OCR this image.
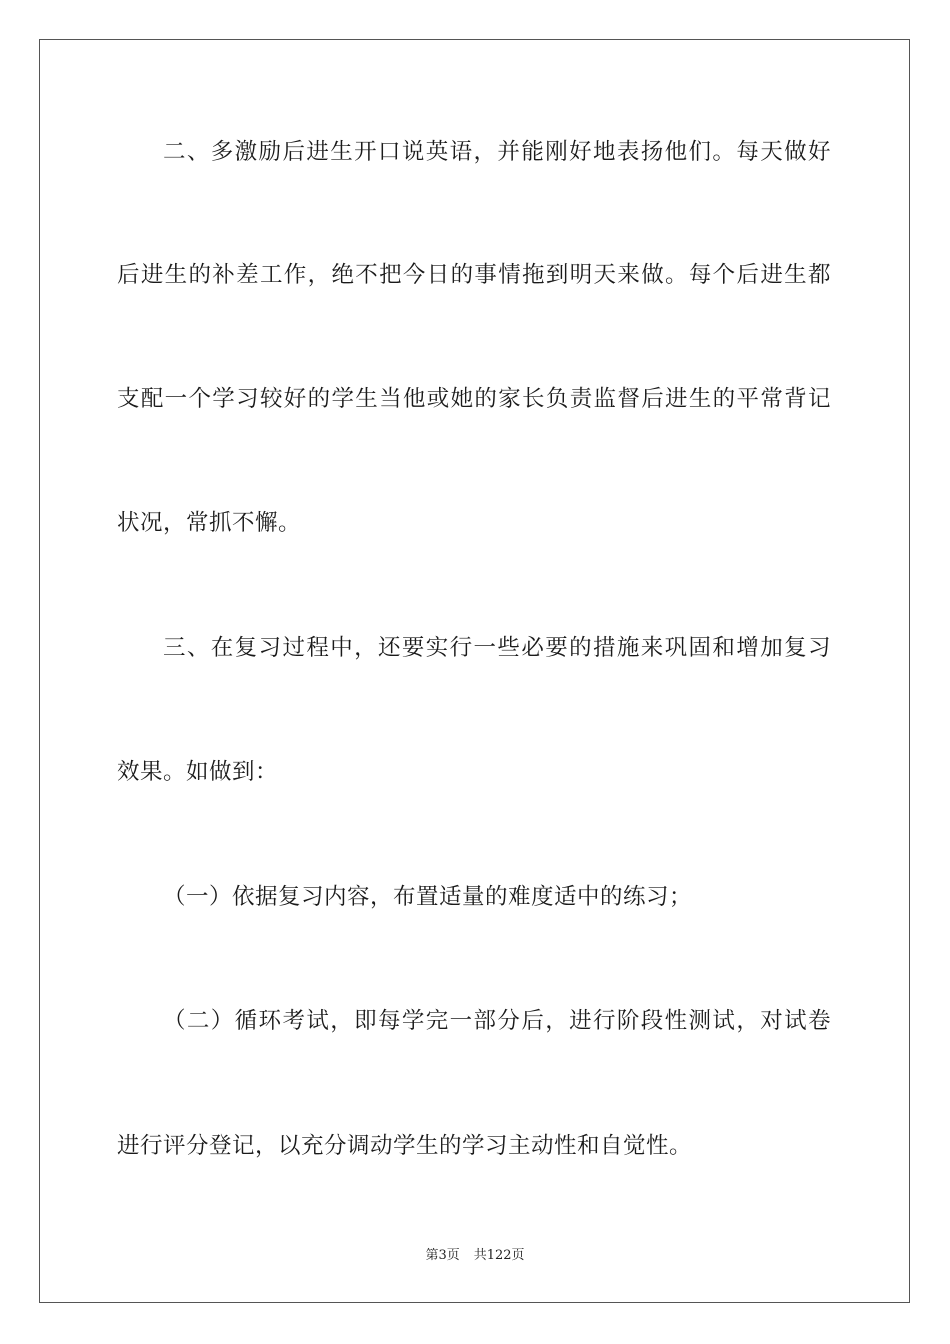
二、多激励后进生开口说英语，并能刚好地表扬他们。每天做好
后进生的补差工作，绝不把今日的事情拖到明天来做。每个后进生都
支配一个学习较好的学生当他或她的家长负责监督后进生的平常背记
状况，常抓不懈。
三、在复习过程中，还要实行一些必要的措施来巩固和增加复习
效果。如做到：
（一）依据复习内容，布置适量的难度适中的练习；
（二）循环考试，即每学完一部分后，进行阶段性测试，对试卷
进行评分登记，以充分调动学生的学习主动性和自觉性。
第3页 共122页
